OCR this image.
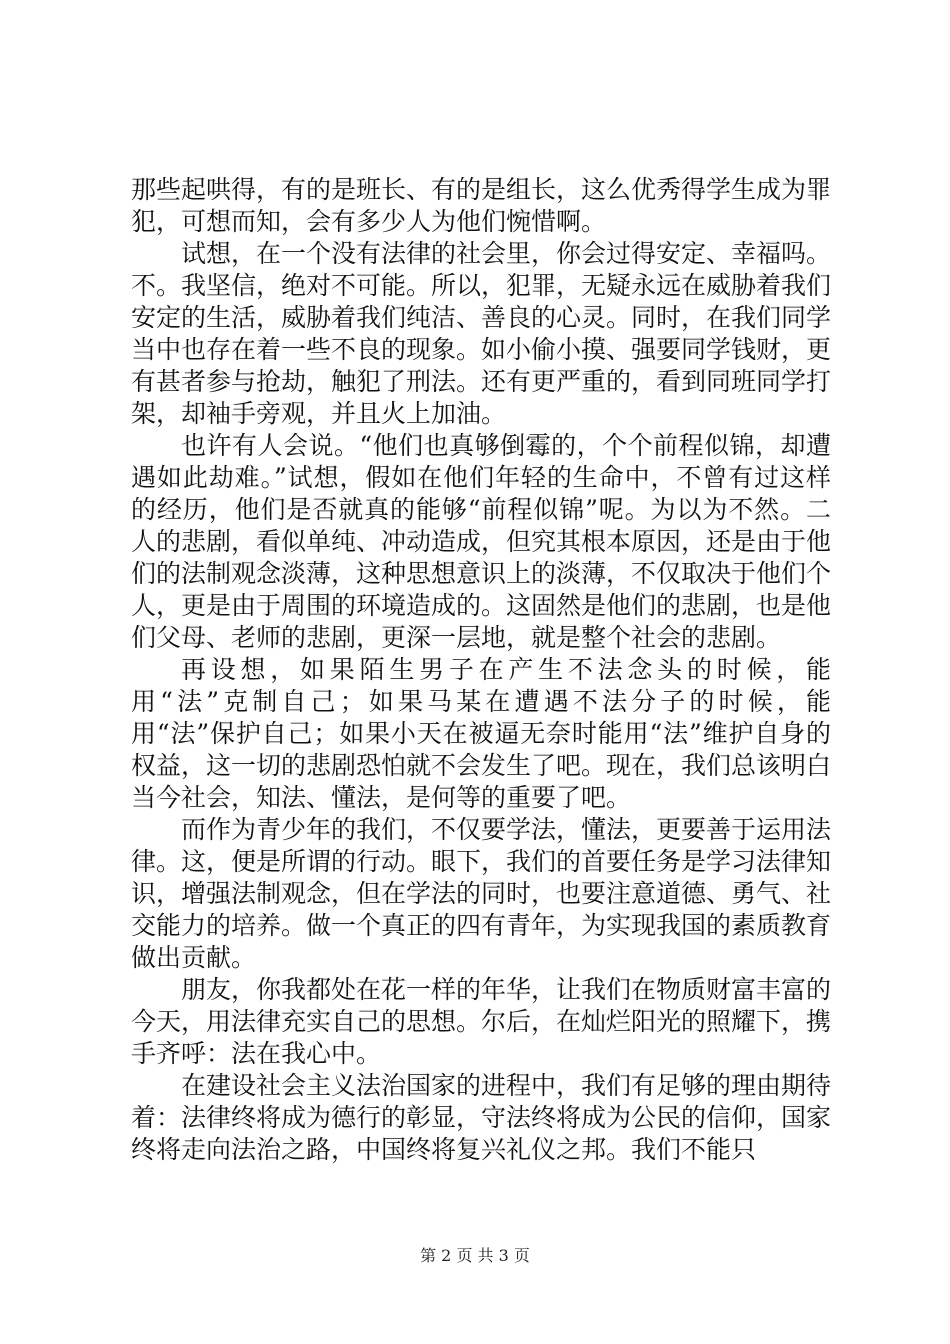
那些起哄得，有的是班长、有的是组长，这么优秀得学生成为罪犯，可想而知，会有多少人为他们惋惜啊。

试想，在一个没有法律的社会里，你会过得安定、幸福吗。不。我坚信，绝对不可能。所以，犯罪，无疑永远在威胁着我们安定的生活，威胁着我们纯洁、善良的心灵。同时，在我们同学当中也存在着一些不良的现象。如小偷小摸、强要同学钱财，更有甚者参与抢劫，触犯了刑法。还有更严重的，看到同班同学打架，却袖手旁观，并且火上加油。

也许有人会说。“他们也真够倒霉的，个个前程似锦，却遭遇如此劫难。”试想，假如在他们年轻的生命中，不曾有过这样的经历，他们是否就真的能够“前程似锦”呢。为以为不然。二人的悲剧，看似单纯、冲动造成，但究其根本原因，还是由于他们的法制观念淡薄，这种思想意识上的淡薄，不仅取决于他们个人，更是由于周围的环境造成的。这固然是他们的悲剧，也是他们父母、老师的悲剧，更深一层地，就是整个社会的悲剧。

再设想，如果陌生男子在产生不法念头的时候，能用“法”克制自己；如果马某在遭遇不法分子的时候，能用“法”保护自己；如果小天在被逼无奈时能用“法”维护自身的权益，这一切的悲剧恐怕就不会发生了吧。现在，我们总该明白当今社会，知法、懂法，是何等的重要了吧。

而作为青少年的我们，不仅要学法，懂法，更要善于运用法律。这，便是所谓的行动。眼下，我们的首要任务是学习法律知识，增强法制观念，但在学法的同时，也要注意道德、勇气、社交能力的培养。做一个真正的四有青年，为实现我国的素质教育做出贡献。

朋友，你我都处在花一样的年华，让我们在物质财富丰富的今天，用法律充实自己的思想。尔后，在灿烂阳光的照耀下，携手齐呼：法在我心中。

在建设社会主义法治国家的进程中，我们有足够的理由期待着：法律终将成为德行的彰显，守法终将成为公民的信仰，国家终将走向法治之路，中国终将复兴礼仪之邦。我们不能只

第 2 页 共 3 页
